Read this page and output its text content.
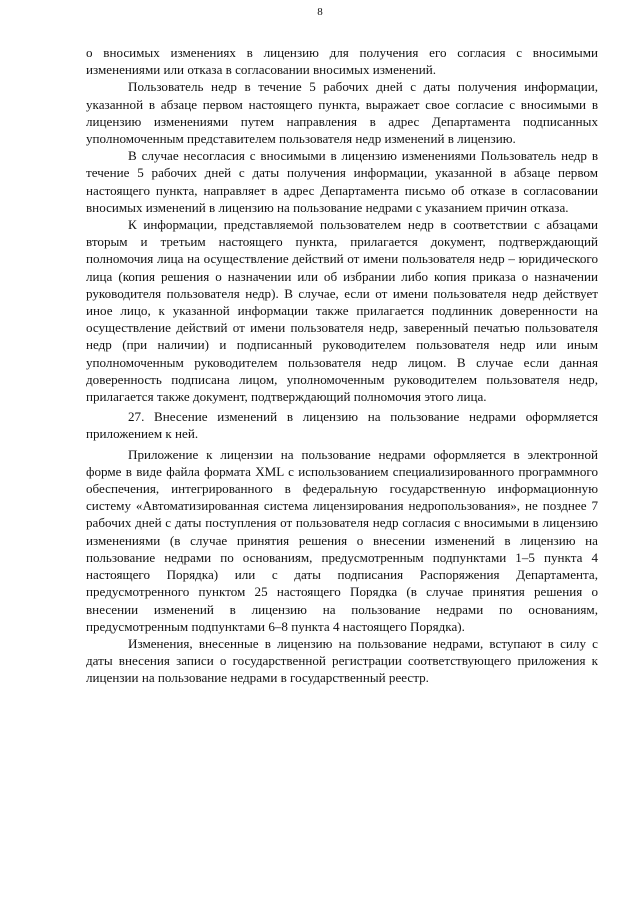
8

о вносимых изменениях в лицензию для получения его согласия с вносимыми изменениями или отказа в согласовании вносимых изменений.

Пользователь недр в течение 5 рабочих дней с даты получения информации, указанной в абзаце первом настоящего пункта, выражает свое согласие с вносимыми в лицензию изменениями путем направления в адрес Департамента подписанных уполномоченным представителем пользователя недр изменений в лицензию.

В случае несогласия с вносимыми в лицензию изменениями Пользователь недр в течение 5 рабочих дней с даты получения информации, указанной в абзаце первом настоящего пункта, направляет в адрес Департамента письмо об отказе в согласовании вносимых изменений в лицензию на пользование недрами с указанием причин отказа.

К информации, представляемой пользователем недр в соответствии с абзацами вторым и третьим настоящего пункта, прилагается документ, подтверждающий полномочия лица на осуществление действий от имени пользователя недр – юридического лица (копия решения о назначении или об избрании либо копия приказа о назначении руководителя пользователя недр). В случае, если от имени пользователя недр действует иное лицо, к указанной информации также прилагается подлинник доверенности на осуществление действий от имени пользователя недр, заверенный печатью пользователя недр (при наличии) и подписанный руководителем пользователя недр или иным уполномоченным руководителем пользователя недр лицом. В случае если данная доверенность подписана лицом, уполномоченным руководителем пользователя недр, прилагается также документ, подтверждающий полномочия этого лица.

27. Внесение изменений в лицензию на пользование недрами оформляется приложением к ней.

Приложение к лицензии на пользование недрами оформляется в электронной форме в виде файла формата XML с использованием специализированного программного обеспечения, интегрированного в федеральную государственную информационную систему «Автоматизированная система лицензирования недропользования», не позднее 7 рабочих дней с даты поступления от пользователя недр согласия с вносимыми в лицензию изменениями (в случае принятия решения о внесении изменений в лицензию на пользование недрами по основаниям, предусмотренным подпунктами 1–5 пункта 4 настоящего Порядка) или с даты подписания Распоряжения Департамента, предусмотренного пунктом 25 настоящего Порядка (в случае принятия решения о внесении изменений в лицензию на пользование недрами по основаниям, предусмотренным подпунктами 6–8 пункта 4 настоящего Порядка).

Изменения, внесенные в лицензию на пользование недрами, вступают в силу с даты внесения записи о государственной регистрации соответствующего приложения к лицензии на пользование недрами в государственный реестр.
